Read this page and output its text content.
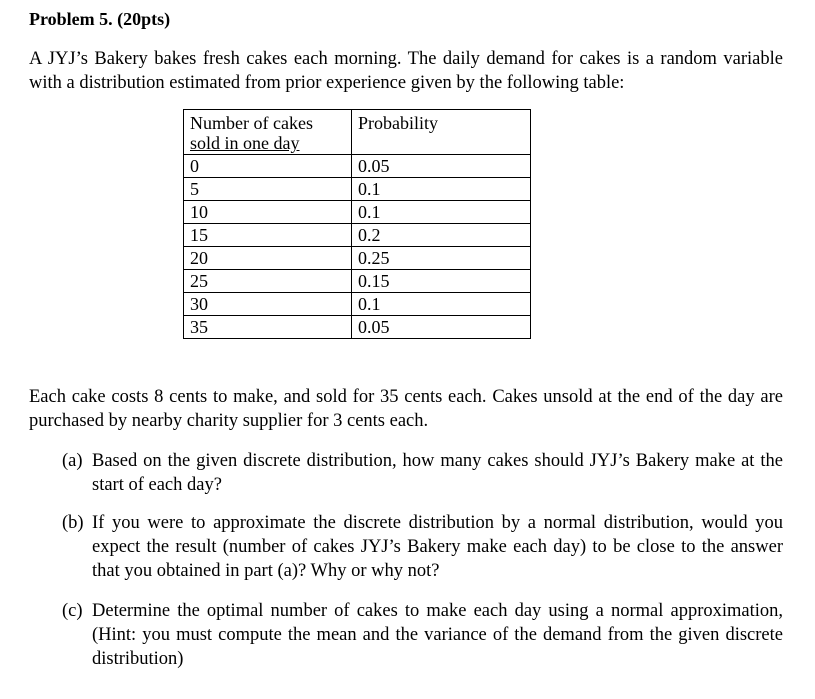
Problem 5. (20pts)
A JYJ’s Bakery bakes fresh cakes each morning. The daily demand for cakes is a random variable with a distribution estimated from prior experience given by the following table:
Number of cakes
sold in one day	Probability
0	0.05
5	0.1
10	0.1
15	0.2
20	0.25
25	0.15
30	0.1
35	0.05
Each cake costs 8 cents to make, and sold for 35 cents each. Cakes unsold at the end of the day are purchased by nearby charity supplier for 3 cents each.
(a) Based on the given discrete distribution, how many cakes should JYJ’s Bakery make at the start of each day?
(b) If you were to approximate the discrete distribution by a normal distribution, would you expect the result (number of cakes JYJ’s Bakery make each day) to be close to the answer that you obtained in part (a)? Why or why not?
(c) Determine the optimal number of cakes to make each day using a normal approximation, (Hint: you must compute the mean and the variance of the demand from the given discrete distribution)
